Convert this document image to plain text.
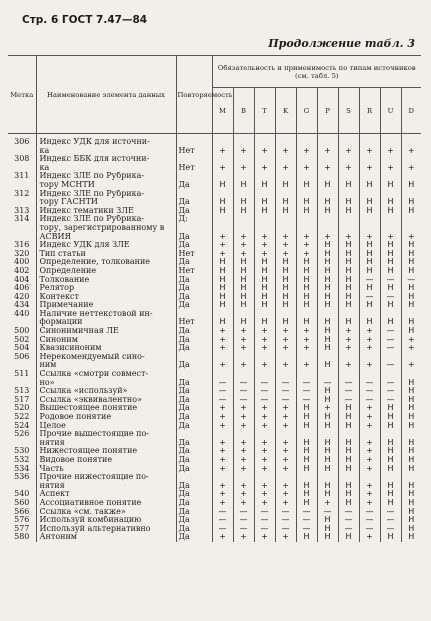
Стр. 6 ГОСТ 7.47—84
Продолжение табл. 3
Метка	Наименование элемента данных	Повторяемость	Обязательность и применимость по типам источников (см. табл. 5)									
			M	B	T	K	G	P	S	R	U	D

306	Индекс УДК для источни-											
	ка	Нет	+	+	+	+	+	+	+	+	+	+
308	Индекс ББК для источни-											
	ка	Нет	+	+	+	+	+	+	+	+	+	+
311	Индекс ЗЛЕ по Рубрика-											
	тору МСНТИ	Да	Н	Н	Н	Н	Н	Н	Н	Н	Н	Н
312	Индекс ЗЛЕ по Рубрика-											
	тору ГАСНТИ	Да	Н	Н	Н	Н	Н	Н	Н	Н	Н	Н
313	Индекс тематики ЗЛЕ	Да	Н	Н	Н	Н	Н	Н	Н	Н	Н	Н
314	Индекс ЗЛЕ по Рубрика-	Д:										
	тору, зарегистрированному в											
	АСВИЯ	Да	+	+	+	+	+	+	+	+	+	+
316	Индекс УДК для ЗЛЕ	Да	+	+	+	+	+	Н	Н	Н	Н	Н
320	Тип статьи	Нет	+	+	+	+	+	Н	Н	Н	Н	Н
400	Определение, толкование	Да	Н	Н	Н	Н	Н	Н	Н	Н	Н	Н
402	Определение	Нет	Н	Н	Н	Н	Н	Н	Н	Н	Н	Н
404	Толкование	Да	Н	Н	Н	Н	Н	Н	Н	—	—	—
406	Релятор	Да	Н	Н	Н	Н	Н	Н	Н	Н	Н	Н
420	Контекст	Да	Н	Н	Н	Н	Н	Н	Н	—	—	Н
434	Примечание	Да	Н	Н	Н	Н	Н	Н	Н	Н	Н	Н
440	Наличие неттекстовой ин-											
	формации	Нет	Н	Н	Н	Н	Н	Н	Н	Н	Н	Н
500	Синонимичная ЛЕ	Да	+	+	+	+	+	Н	+	+	—	Н
502	Синоним	Да	+	+	+	+	+	Н	+	+	—	+
504	Квазисиноним	Да	+	+	+	+	+	Н	+	+	—	+
506	Нерекомендуемый сино-											
	ним	Да	+	+	+	+	+	Н	+	+	—	+
511	Ссылка «смотри совмест-											
	но»	Да	—	—	—	—	—	—	—	—	—	Н
513	Ссылка «используй»	Да	—	—	—	—	—	Н	—	—	—	Н
517	Ссылка «эквивалентно»	Да	—	—	—	—	—	Н	—	—	—	Н
520	Вышестоящее понятие	Да	+	+	+	+	Н	+	Н	+	Н	Н
522	Родовое понятие	Да	+	+	+	+	Н	Н	Н	+	Н	Н
524	Целое	Да	+	+	+	+	Н	Н	Н	+	Н	Н
526	Прочие вышестоящие по-											
	нятия	Да	+	+	+	+	Н	Н	Н	+	Н	Н
530	Нижестоящее понятие	Да	+	+	+	+	Н	Н	Н	+	Н	Н
532	Видовое понятие	Да	+	+	+	+	Н	Н	Н	+	Н	Н
534	Часть	Да	+	+	+	+	Н	Н	Н	+	Н	Н
536	Прочие нижестоящие по-											
	нятия	Да	+	+	+	+	Н	Н	Н	+	Н	Н
540	Аспект	Да	+	+	+	+	Н	Н	Н	+	Н	Н
560	Ассоциативное понятие	Да	+	+	+	+	Н	+	Н	+	Н	Н
566	Ссылка «см. также»	Да	—	—	—	—	—	—	—	—	—	Н
576	Используй комбинацию	Да	—	—	—	—	—	Н	—	—	—	Н
577	Используй альтернативно	Да	—	—	—	—	—	Н	—	—	—	Н
580	Антоним	Да	+	+	+	+	Н	Н	Н	+	Н	Н
